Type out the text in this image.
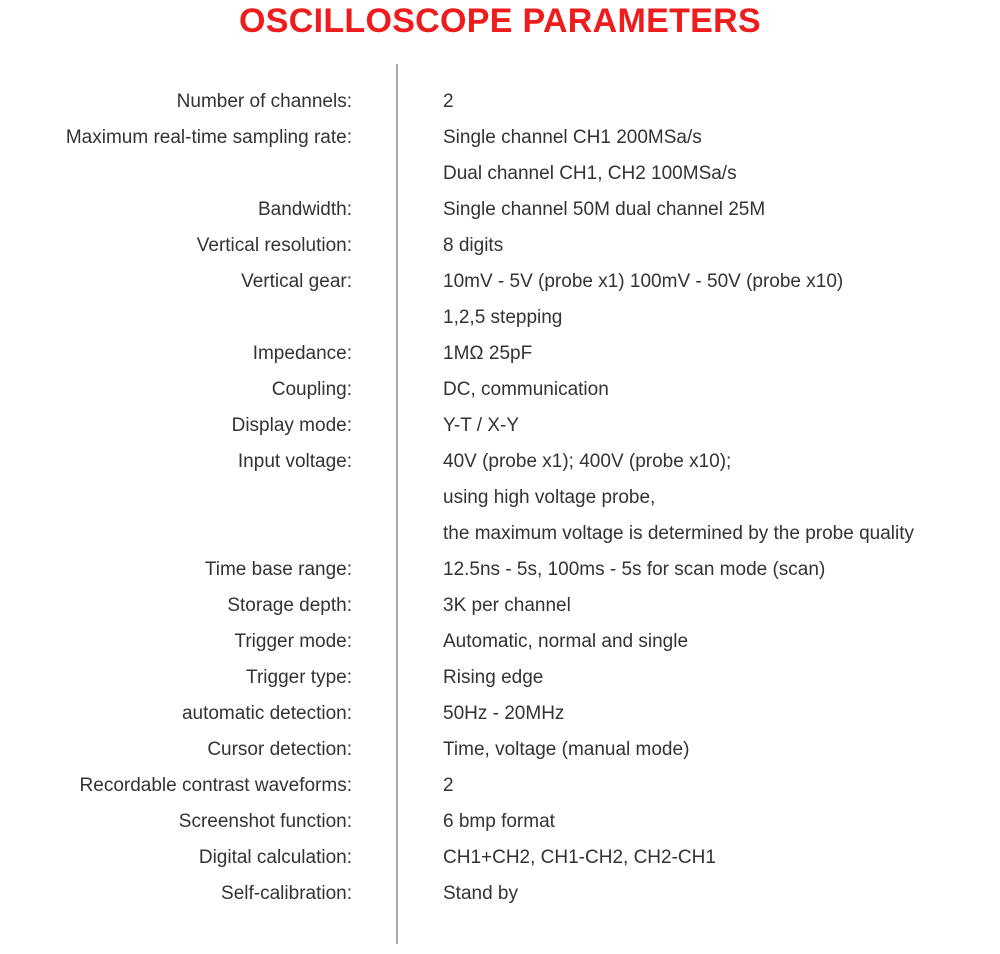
OSCILLOSCOPE PARAMETERS
Number of channels:	2
Maximum real-time sampling rate:	Single channel CH1 200MSa/s
Dual channel CH1, CH2 100MSa/s
Bandwidth:	Single channel 50M dual channel 25M
Vertical resolution:	8 digits
Vertical gear:	10mV - 5V (probe x1) 100mV - 50V (probe x10)
1,2,5 stepping
Impedance:	1MΩ 25pF
Coupling:	DC, communication
Display mode:	Y-T / X-Y
Input voltage:	40V (probe x1); 400V (probe x10);
using high voltage probe,
the maximum voltage is determined by the probe quality
Time base range:	12.5ns - 5s, 100ms - 5s for scan mode (scan)
Storage depth:	3K per channel
Trigger mode:	Automatic, normal and single
Trigger type:	Rising edge
automatic detection:	50Hz - 20MHz
Cursor detection:	Time, voltage (manual mode)
Recordable contrast waveforms:	2
Screenshot function:	6 bmp format
Digital calculation:	CH1+CH2, CH1-CH2, CH2-CH1
Self-calibration:	Stand by
